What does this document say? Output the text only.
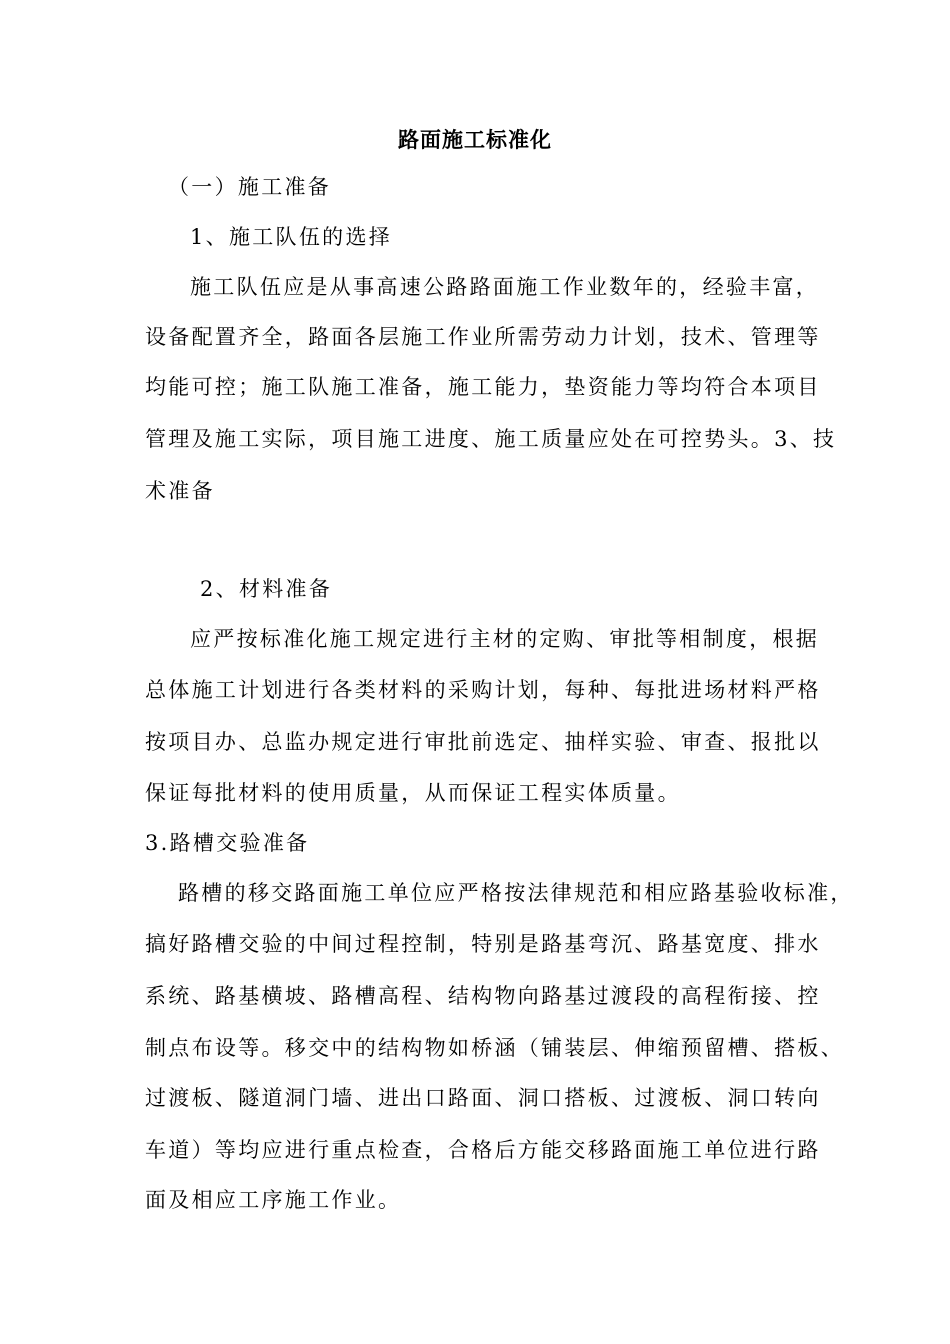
路面施工标准化
（一）施工准备
1、施工队伍的选择
施工队伍应是从事高速公路路面施工作业数年的，经验丰富，
设备配置齐全，路面各层施工作业所需劳动力计划，技术、管理等
均能可控；施工队施工准备，施工能力，垫资能力等均符合本项目
管理及施工实际，项目施工进度、施工质量应处在可控势头。3、技
术准备
2、材料准备
应严按标准化施工规定进行主材的定购、审批等相制度，根据
总体施工计划进行各类材料的采购计划，每种、每批进场材料严格
按项目办、总监办规定进行审批前选定、抽样实验、审查、报批以
保证每批材料的使用质量，从而保证工程实体质量。
3.路槽交验准备
路槽的移交路面施工单位应严格按法律规范和相应路基验收标准，
搞好路槽交验的中间过程控制，特别是路基弯沉、路基宽度、排水
系统、路基横坡、路槽高程、结构物向路基过渡段的高程衔接、控
制点布设等。移交中的结构物如桥涵（铺装层、伸缩预留槽、搭板、
过渡板、隧道洞门墙、进出口路面、洞口搭板、过渡板、洞口转向
车道）等均应进行重点检查，合格后方能交移路面施工单位进行路
面及相应工序施工作业。
